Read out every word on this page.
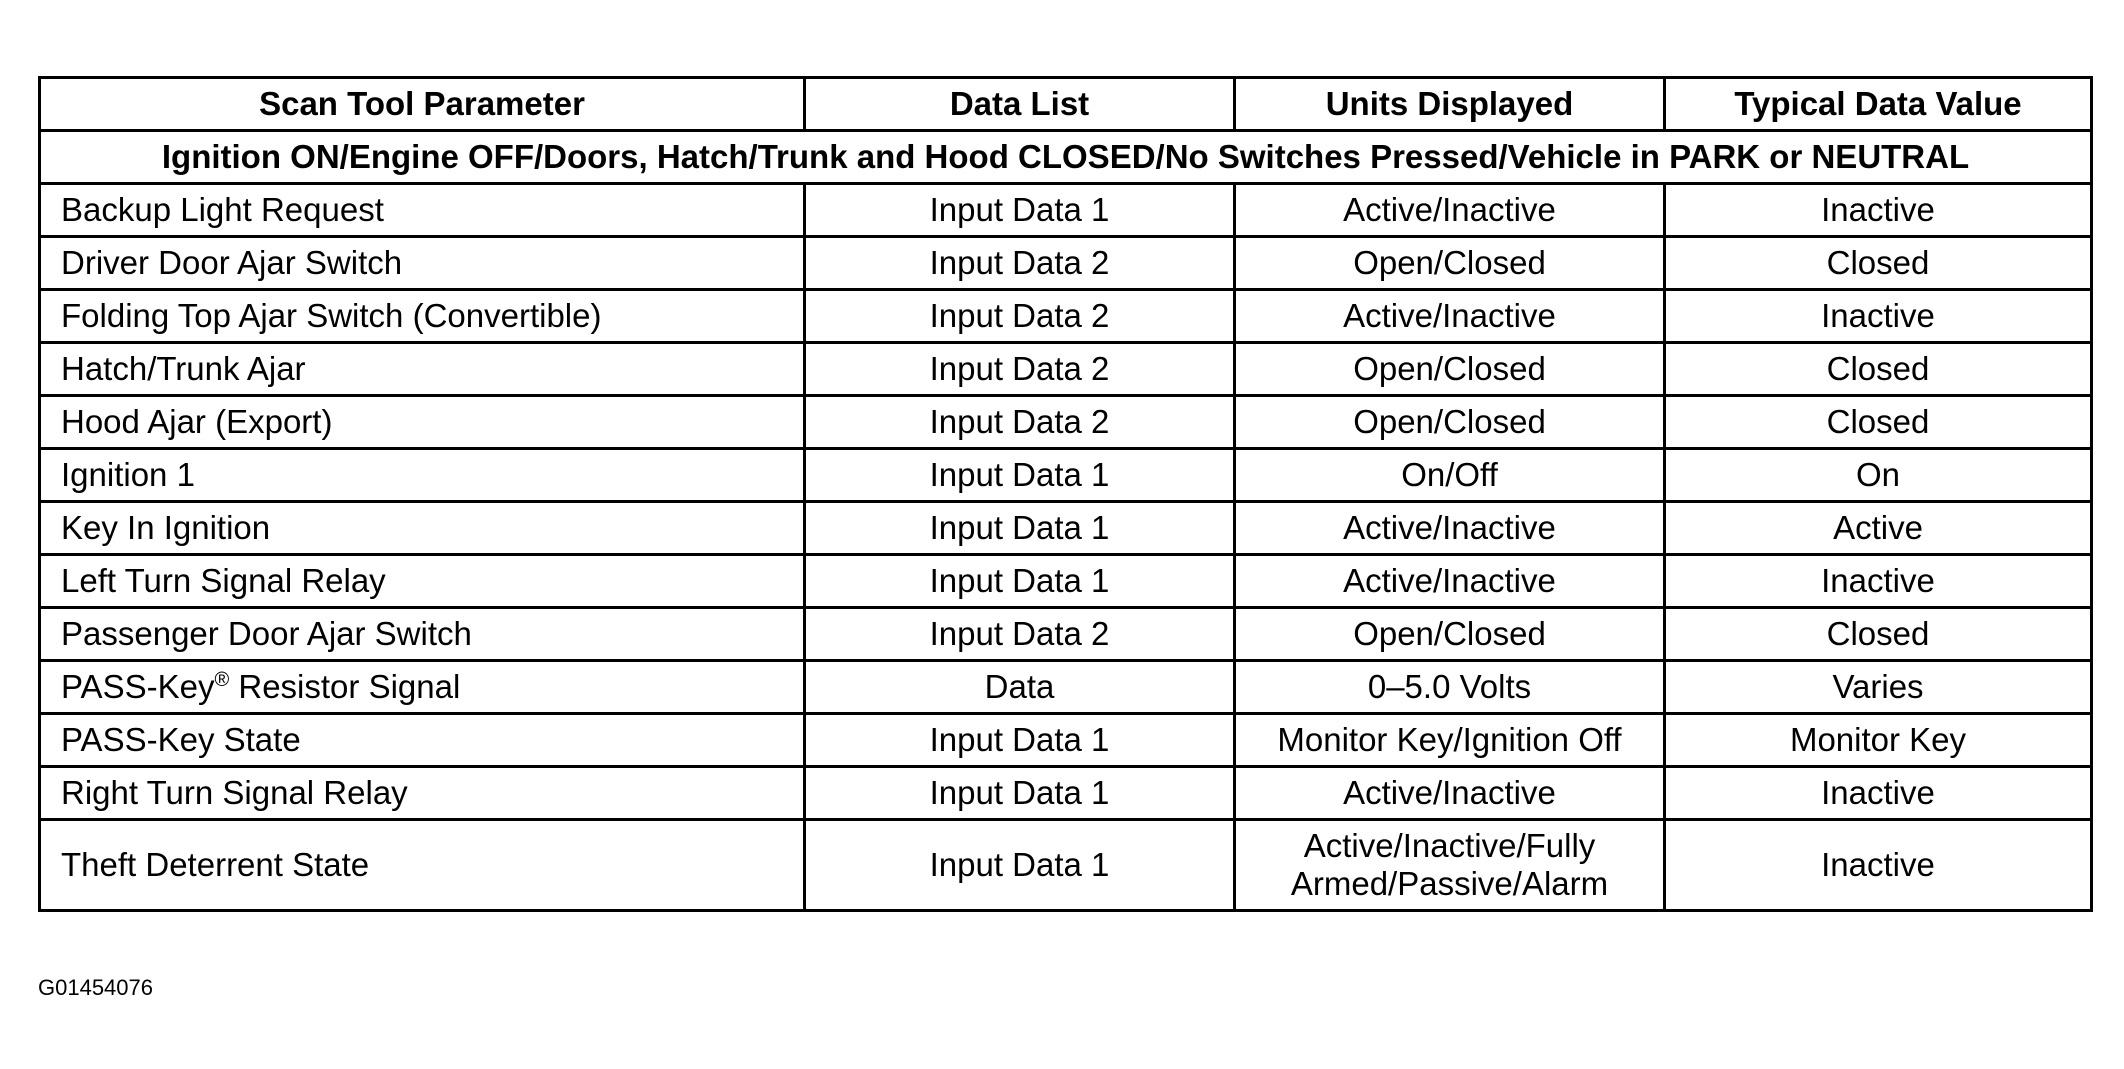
Scan Tool Parameter	Data List	Units Displayed	Typical Data Value
Ignition ON/Engine OFF/Doors, Hatch/Trunk and Hood CLOSED/No Switches Pressed/Vehicle in PARK or NEUTRAL			
Backup Light Request	Input Data 1	Active/Inactive	Inactive
Driver Door Ajar Switch	Input Data 2	Open/Closed	Closed
Folding Top Ajar Switch (Convertible)	Input Data 2	Active/Inactive	Inactive
Hatch/Trunk Ajar	Input Data 2	Open/Closed	Closed
Hood Ajar (Export)	Input Data 2	Open/Closed	Closed
Ignition 1	Input Data 1	On/Off	On
Key In Ignition	Input Data 1	Active/Inactive	Active
Left Turn Signal Relay	Input Data 1	Active/Inactive	Inactive
Passenger Door Ajar Switch	Input Data 2	Open/Closed	Closed
PASS-Key® Resistor Signal	Data	0–5.0 Volts	Varies
PASS-Key State	Input Data 1	Monitor Key/Ignition Off	Monitor Key
Right Turn Signal Relay	Input Data 1	Active/Inactive	Inactive
Theft Deterrent State	Input Data 1	Active/Inactive/Fully Armed/Passive/Alarm	Inactive
G01454076
